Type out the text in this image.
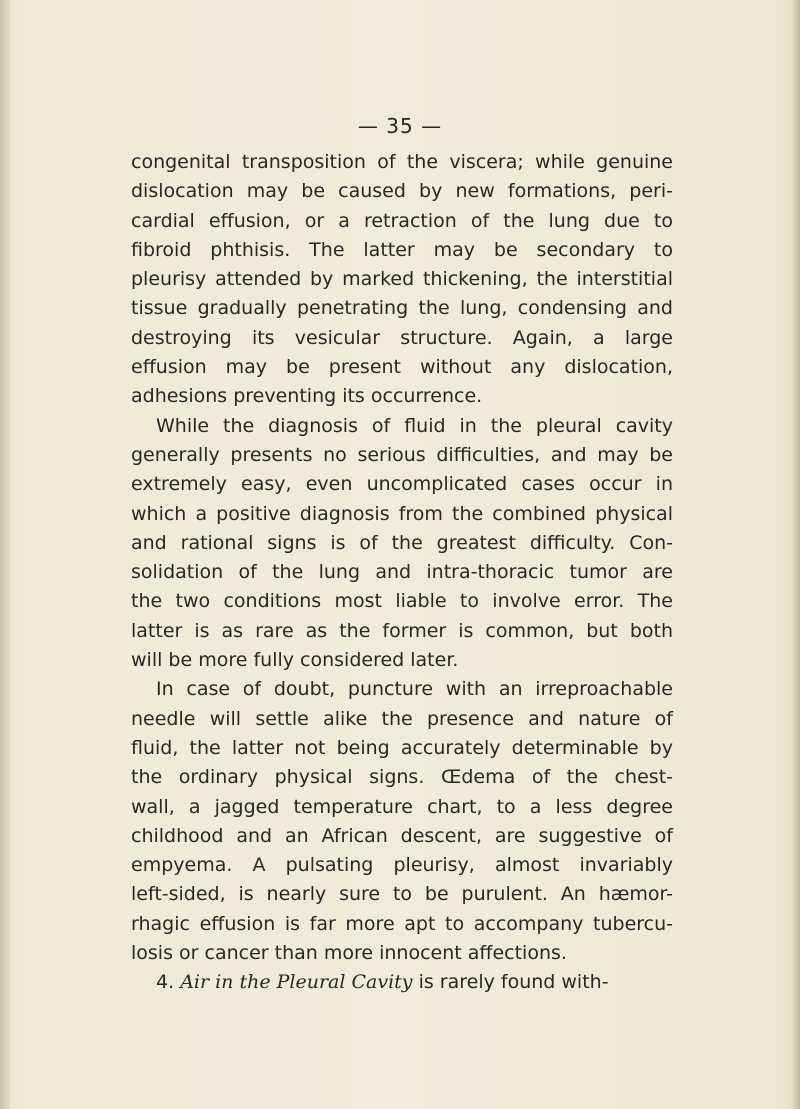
— 35 —
congenital transposition of the viscera; while genuine
dislocation may be caused by new formations, peri-
cardial effusion, or a retraction of the lung due to
fibroid phthisis. The latter may be secondary to
pleurisy attended by marked thickening, the interstitial
tissue gradually penetrating the lung, condensing and
destroying its vesicular structure. Again, a large
effusion may be present without any dislocation,
adhesions preventing its occurrence.
While the diagnosis of fluid in the pleural cavity
generally presents no serious difficulties, and may be
extremely easy, even uncomplicated cases occur in
which a positive diagnosis from the combined physical
and rational signs is of the greatest difficulty. Con-
solidation of the lung and intra-thoracic tumor are
the two conditions most liable to involve error. The
latter is as rare as the former is common, but both
will be more fully considered later.
In case of doubt, puncture with an irreproachable
needle will settle alike the presence and nature of
fluid, the latter not being accurately determinable by
the ordinary physical signs. Œdema of the chest-
wall, a jagged temperature chart, to a less degree
childhood and an African descent, are suggestive of
empyema. A pulsating pleurisy, almost invariably
left-sided, is nearly sure to be purulent. An hæmor-
rhagic effusion is far more apt to accompany tubercu-
losis or cancer than more innocent affections.
4. Air in the Pleural Cavity is rarely found with-
